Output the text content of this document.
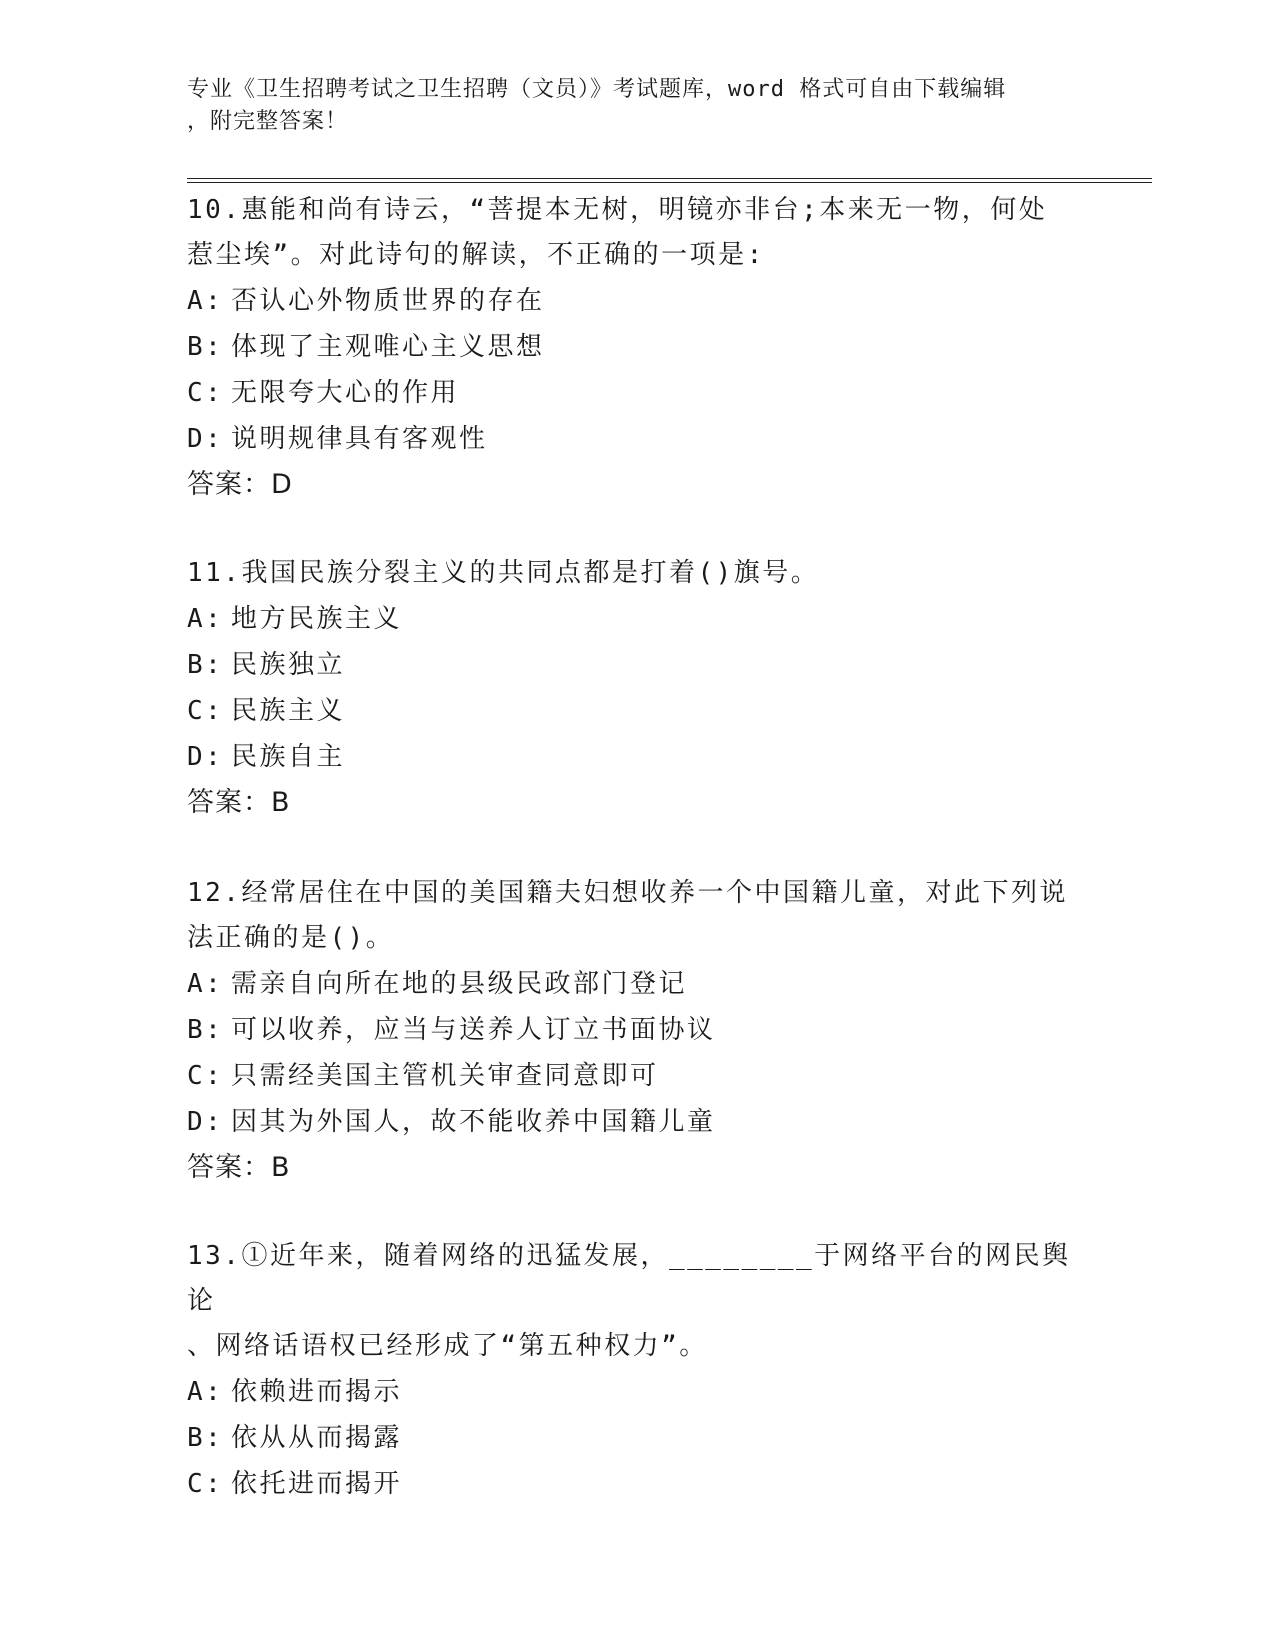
专业《卫生招聘考试之卫生招聘（文员）》考试题库，word 格式可自由下载编辑
，附完整答案！

10.惠能和尚有诗云，“菩提本无树，明镜亦非台;本来无一物，何处

惹尘埃”。对此诗句的解读，不正确的一项是:

A: 否认心外物质世界的存在

B: 体现了主观唯心主义思想

C: 无限夸大心的作用

D: 说明规律具有客观性

答案：D

11.我国民族分裂主义的共同点都是打着()旗号。

A: 地方民族主义

B: 民族独立

C: 民族主义

D: 民族自主

答案：B

12.经常居住在中国的美国籍夫妇想收养一个中国籍儿童，对此下列说

法正确的是()。

A: 需亲自向所在地的县级民政部门登记

B: 可以收养，应当与送养人订立书面协议

C: 只需经美国主管机关审查同意即可

D: 因其为外国人，故不能收养中国籍儿童

答案：B

13.①近年来，随着网络的迅猛发展，________于网络平台的网民舆论

、网络话语权已经形成了“第五种权力”。

A: 依赖进而揭示

B: 依从从而揭露

C: 依托进而揭开
